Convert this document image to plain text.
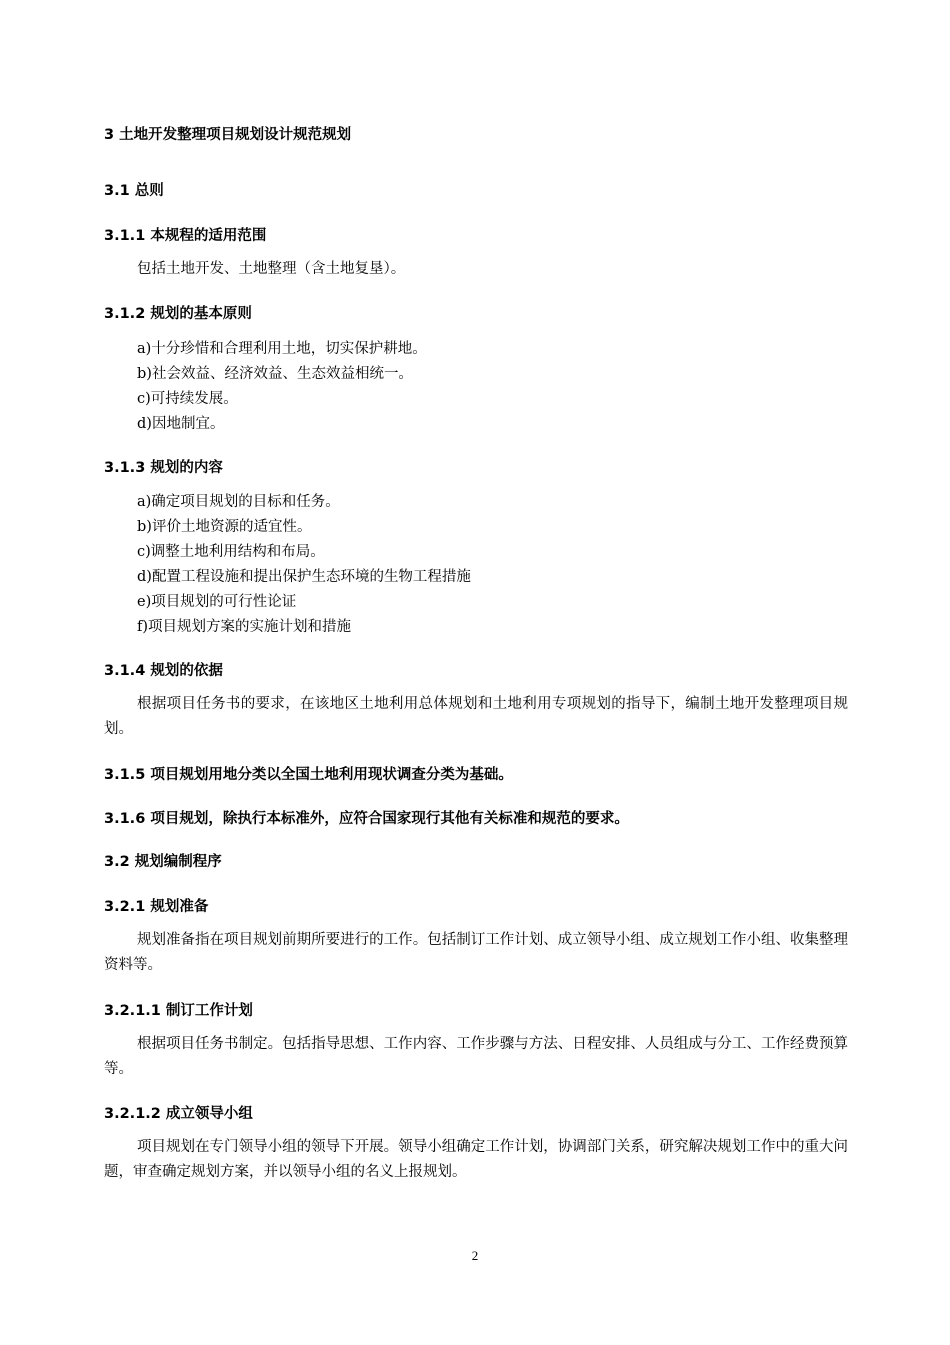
3 土地开发整理项目规划设计规范规划
3.1 总则
3.1.1 本规程的适用范围
包括土地开发、土地整理（含土地复垦）。
3.1.2 规划的基本原则
a)十分珍惜和合理利用土地，切实保护耕地。
b)社会效益、经济效益、生态效益相统一。
c)可持续发展。
d)因地制宜。
3.1.3 规划的内容
a)确定项目规划的目标和任务。
b)评价土地资源的适宜性。
c)调整土地利用结构和布局。
d)配置工程设施和提出保护生态环境的生物工程措施
e)项目规划的可行性论证
f)项目规划方案的实施计划和措施
3.1.4 规划的依据
根据项目任务书的要求，在该地区土地利用总体规划和土地利用专项规划的指导下，编制土地开发整理项目规划。
3.1.5 项目规划用地分类以全国土地利用现状调查分类为基础。
3.1.6 项目规划，除执行本标准外，应符合国家现行其他有关标准和规范的要求。
3.2 规划编制程序
3.2.1 规划准备
规划准备指在项目规划前期所要进行的工作。包括制订工作计划、成立领导小组、成立规划工作小组、收集整理资料等。
3.2.1.1 制订工作计划
根据项目任务书制定。包括指导思想、工作内容、工作步骤与方法、日程安排、人员组成与分工、工作经费预算等。
3.2.1.2 成立领导小组
项目规划在专门领导小组的领导下开展。领导小组确定工作计划，协调部门关系，研究解决规划工作中的重大问题，审查确定规划方案，并以领导小组的名义上报规划。
2
